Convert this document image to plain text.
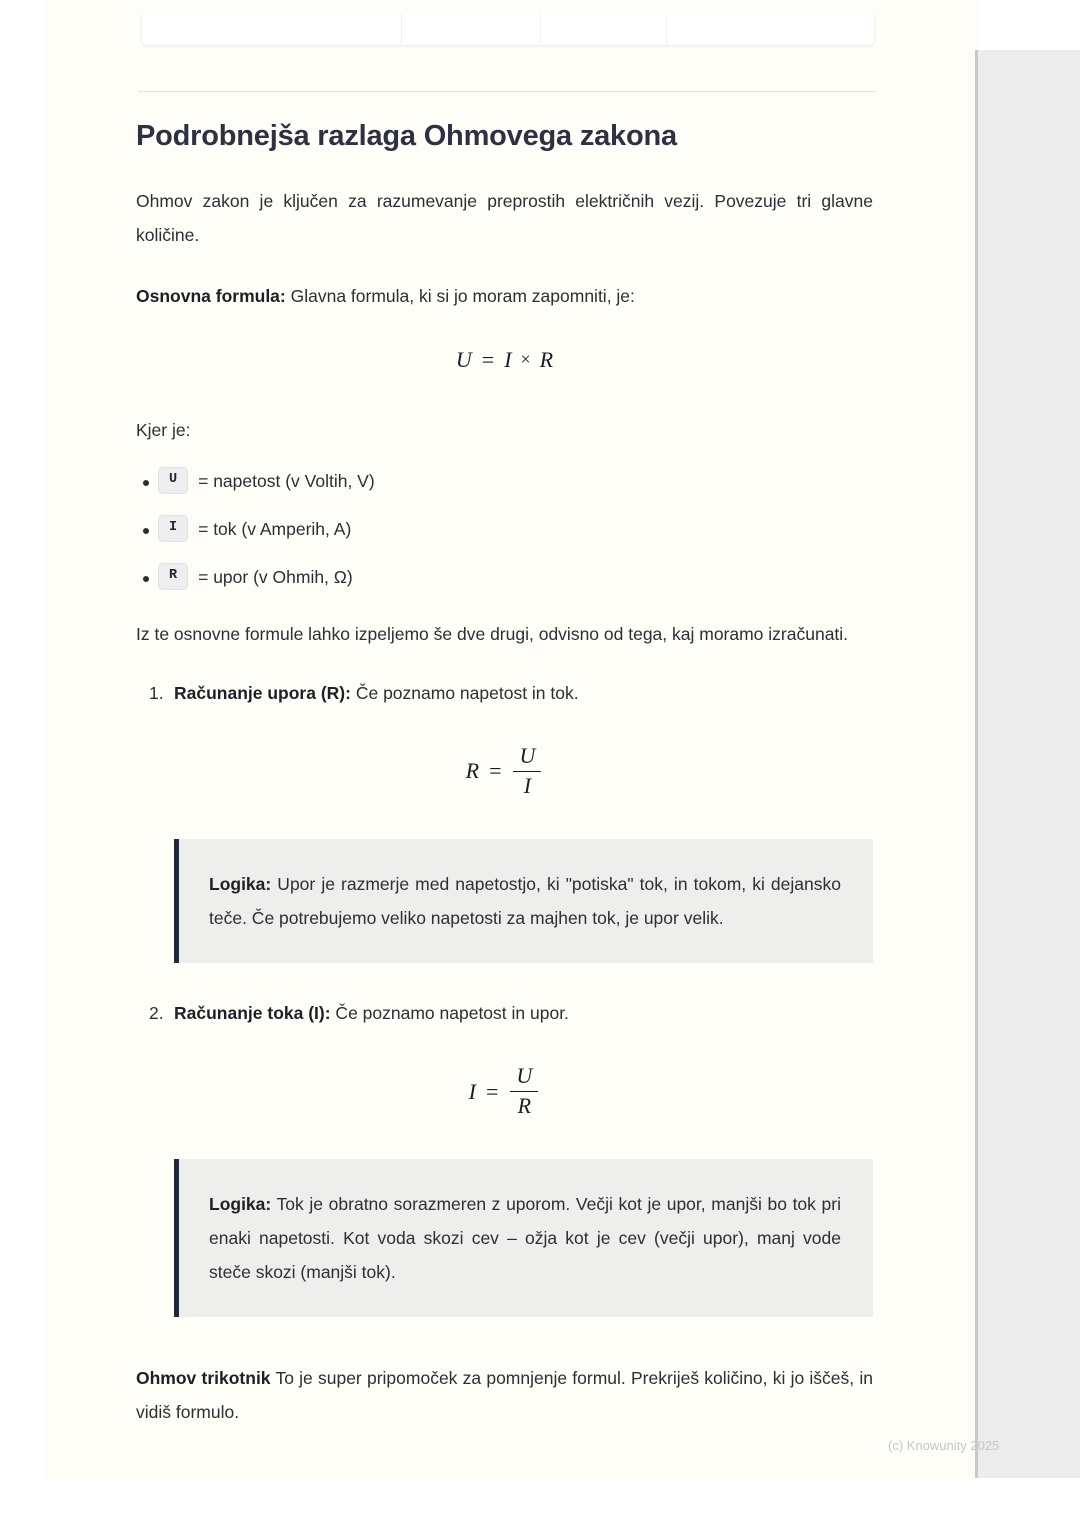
Podrobnejša razlaga Ohmovega zakona

Ohmov zakon je ključen za razumevanje preprostih električnih vezij. Povezuje tri glavne količine.

Osnovna formula: Glavna formula, ki si jo moram zapomniti, je:

U = I × R

Kjer je:

U	= napetost (v Voltih, V)
I	= tok (v Amperih, A)
R	= upor (v Ohmih, Ω)

Iz te osnovne formule lahko izpeljemo še dve drugi, odvisno od tega, kaj moramo izračunati.

Računanje upora (R): Če poznamo napetost in tok.
$R = \frac{U}{I}$

Logika: Upor je razmerje med napetostjo, ki "potiska" tok, in tokom, ki dejansko teče. Če potrebujemo veliko napetosti za majhen tok, je upor velik.

Računanje toka (I): Če poznamo napetost in upor.
$I = \frac{U}{R}$

Logika: Tok je obratno sorazmeren z uporom. Večji kot je upor, manjši bo tok pri enaki napetosti. Kot voda skozi cev – ožja kot je cev (večji upor), manj vode steče skozi (manjši tok).

Ohmov trikotnik To je super pripomoček za pomnjenje formul. Prekriješ količino, ki jo iščeš, in vidiš formulo.

(c) Knowunity 2025
